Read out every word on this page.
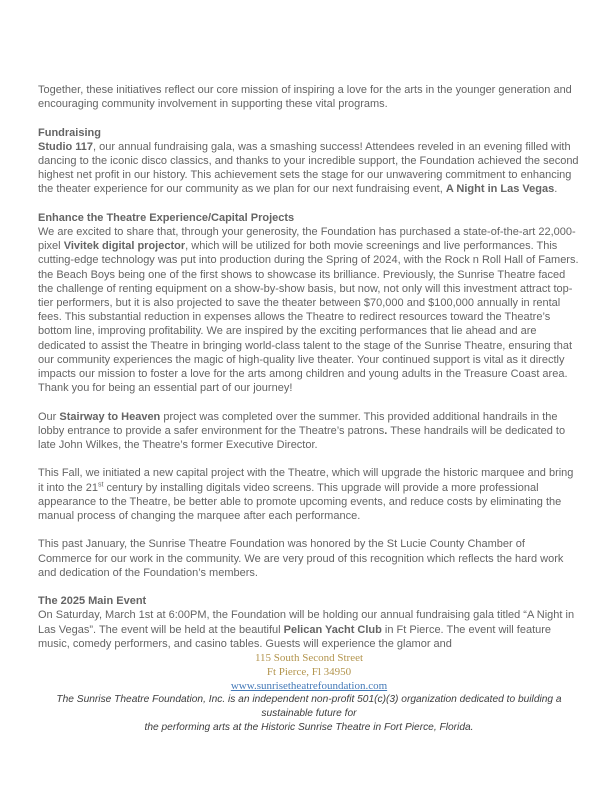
Together, these initiatives reflect our core mission of inspiring a love for the arts in the younger generation and encouraging community involvement in supporting these vital programs.

Fundraising

Studio 117, our annual fundraising gala, was a smashing success! Attendees reveled in an evening filled with dancing to the iconic disco classics, and thanks to your incredible support, the Foundation achieved the second highest net profit in our history. This achievement sets the stage for our unwavering commitment to enhancing the theater experience for our community as we plan for our next fundraising event, A Night in Las Vegas.

Enhance the Theatre Experience/Capital Projects

We are excited to share that, through your generosity, the Foundation has purchased a state-of-the-art 22,000-pixel Vivitek digital projector, which will be utilized for both movie screenings and live performances. This cutting-edge technology was put into production during the Spring of 2024, with the Rock n Roll Hall of Famers. the Beach Boys being one of the first shows to showcase its brilliance. Previously, the Sunrise Theatre faced the challenge of renting equipment on a show-by-show basis, but now, not only will this investment attract top-tier performers, but it is also projected to save the theater between $70,000 and $100,000 annually in rental fees. This substantial reduction in expenses allows the Theatre to redirect resources toward the Theatre’s bottom line, improving profitability. We are inspired by the exciting performances that lie ahead and are dedicated to assist the Theatre in bringing world-class talent to the stage of the Sunrise Theatre, ensuring that our community experiences the magic of high-quality live theater. Your continued support is vital as it directly impacts our mission to foster a love for the arts among children and young adults in the Treasure Coast area. Thank you for being an essential part of our journey!

Our Stairway to Heaven project was completed over the summer. This provided additional handrails in the lobby entrance to provide a safer environment for the Theatre’s patrons. These handrails will be dedicated to late John Wilkes, the Theatre’s former Executive Director.

This Fall, we initiated a new capital project with the Theatre, which will upgrade the historic marquee and bring it into the 21st century by installing digitals video screens. This upgrade will provide a more professional appearance to the Theatre, be better able to promote upcoming events, and reduce costs by eliminating the manual process of changing the marquee after each performance.

This past January, the Sunrise Theatre Foundation was honored by the St Lucie County Chamber of Commerce for our work in the community. We are very proud of this recognition which reflects the hard work and dedication of the Foundation’s members.

The 2025 Main Event

On Saturday, March 1st at 6:00PM, the Foundation will be holding our annual fundraising gala titled “A Night in Las Vegas”. The event will be held at the beautiful Pelican Yacht Club in Ft Pierce. The event will feature music, comedy performers, and casino tables. Guests will experience the glamor and

115 South Second Street
Ft Pierce, Fl 34950
www.sunrisetheatrefoundation.com
The Sunrise Theatre Foundation, Inc. is an independent non-profit 501(c)(3) organization dedicated to building a sustainable future for
the performing arts at the Historic Sunrise Theatre in Fort Pierce, Florida.
